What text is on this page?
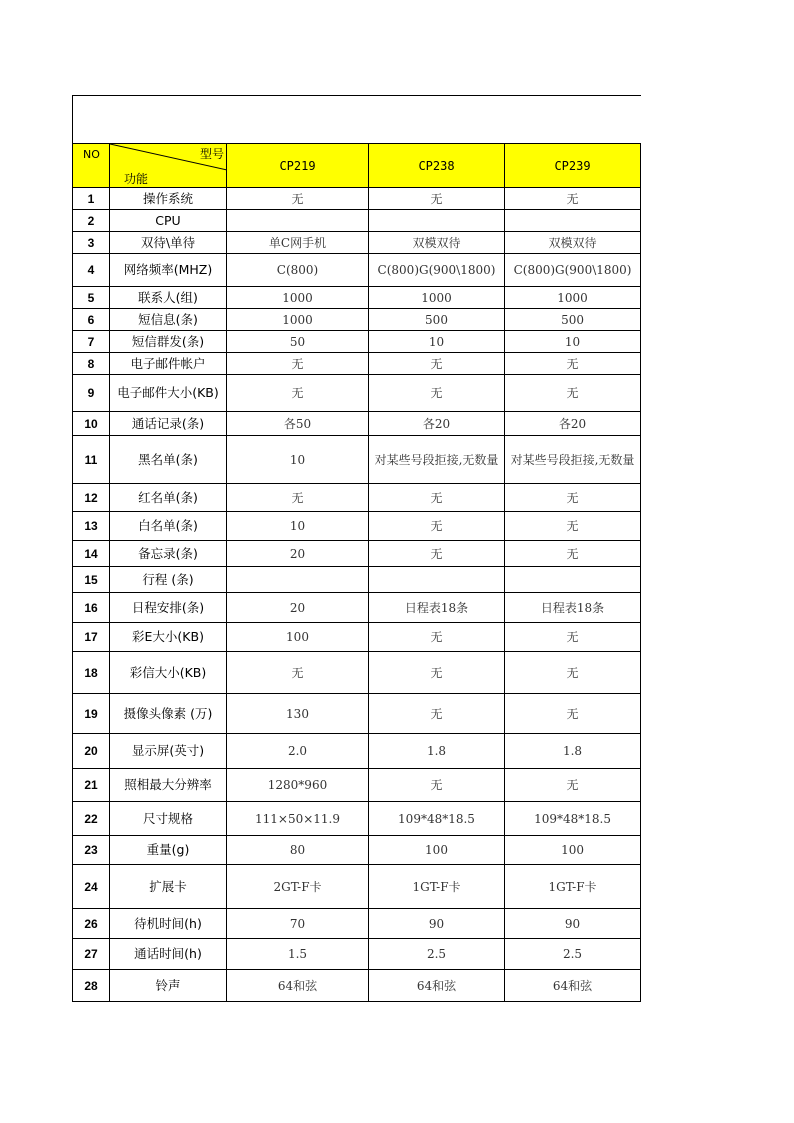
NO	型号
功能	CP219	CP238	CP239
1	操作系统	无	无	无
2	CPU			
3	双待\单待	单C网手机	双模双待	双模双待
4	网络频率(MHZ)	C(800)	C(800)G(900\1800)	C(800)G(900\1800)
5	联系人(组)	1000	1000	1000
6	短信息(条)	1000	500	500
7	短信群发(条)	50	10	10
8	电子邮件帐户	无	无	无
9	电子邮件大小(KB)	无	无	无
10	通话记录(条)	各50	各20	各20
11	黑名单(条)	10	对某些号段拒接,无数量	对某些号段拒接,无数量
12	红名单(条)	无	无	无
13	白名单(条)	10	无	无
14	备忘录(条)	20	无	无
15	行程 (条)			
16	日程安排(条)	20	日程表18条	日程表18条
17	彩E大小(KB)	100	无	无
18	彩信大小(KB)	无	无	无
19	摄像头像素 (万)	130	无	无
20	显示屏(英寸)	2.0	1.8	1.8
21	照相最大分辨率	1280*960	无	无
22	尺寸规格	111×50×11.9	109*48*18.5	109*48*18.5
23	重量(g)	80	100	100
24	扩展卡	2GT-F卡	1GT-F卡	1GT-F卡
26	待机时间(h)	70	90	90
27	通话时间(h)	1.5	2.5	2.5
28	铃声	64和弦	64和弦	64和弦
